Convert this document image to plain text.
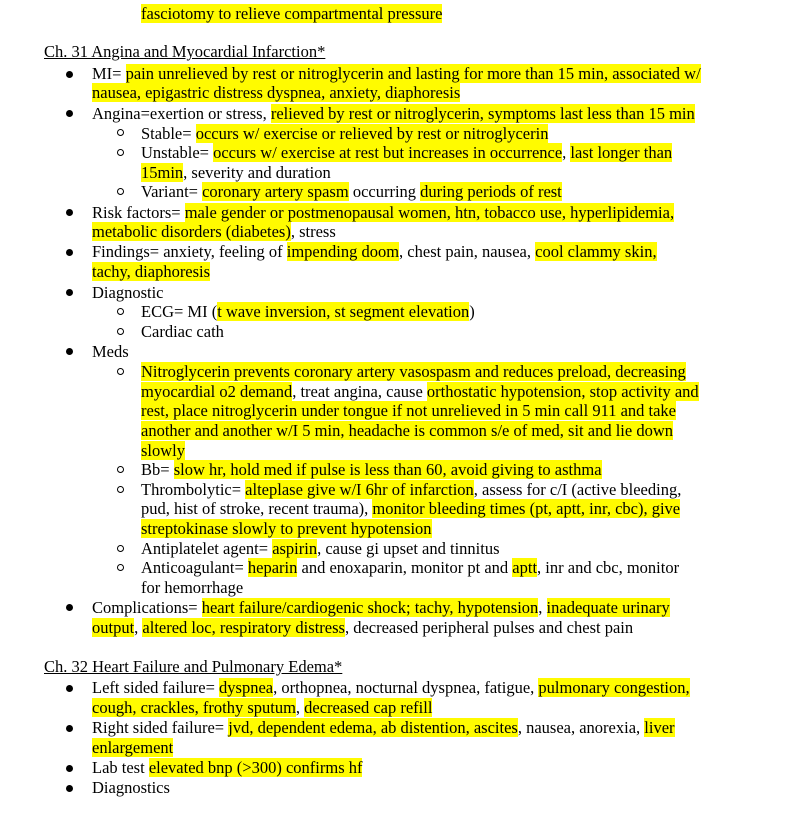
fasciotomy to relieve compartmental pressure
Ch. 31 Angina and Myocardial Infarction*
MI= pain unrelieved by rest or nitroglycerin and lasting for more than 15 min, associated w/
nausea, epigastric distress dyspnea, anxiety, diaphoresis
Angina=exertion or stress, relieved by rest or nitroglycerin, symptoms last less than 15 min
Stable= occurs w/ exercise or relieved by rest or nitroglycerin
Unstable= occurs w/ exercise at rest but increases in occurrence, last longer than
15min, severity and duration
Variant= coronary artery spasm occurring during periods of rest
Risk factors= male gender or postmenopausal women, htn, tobacco use, hyperlipidemia,
metabolic disorders (diabetes), stress
Findings= anxiety, feeling of impending doom, chest pain, nausea, cool clammy skin,
tachy, diaphoresis
Diagnostic
ECG= MI (t wave inversion, st segment elevation)
Cardiac cath
Meds
Nitroglycerin prevents coronary artery vasospasm and reduces preload, decreasing
myocardial o2 demand, treat angina, cause orthostatic hypotension, stop activity and
rest, place nitroglycerin under tongue if not unrelieved in 5 min call 911 and take
another and another w/I 5 min, headache is common s/e of med, sit and lie down
slowly
Bb= slow hr, hold med if pulse is less than 60, avoid giving to asthma
Thrombolytic= alteplase give w/I 6hr of infarction, assess for c/I (active bleeding,
pud, hist of stroke, recent trauma), monitor bleeding times (pt, aptt, inr, cbc), give
streptokinase slowly to prevent hypotension
Antiplatelet agent= aspirin, cause gi upset and tinnitus
Anticoagulant= heparin and enoxaparin, monitor pt and aptt, inr and cbc, monitor
for hemorrhage
Complications= heart failure/cardiogenic shock; tachy, hypotension, inadequate urinary
output, altered loc, respiratory distress, decreased peripheral pulses and chest pain
Ch. 32 Heart Failure and Pulmonary Edema*
Left sided failure= dyspnea, orthopnea, nocturnal dyspnea, fatigue, pulmonary congestion,
cough, crackles, frothy sputum, decreased cap refill
Right sided failure= jvd, dependent edema, ab distention, ascites, nausea, anorexia, liver
enlargement
Lab test elevated bnp (>300) confirms hf
Diagnostics
